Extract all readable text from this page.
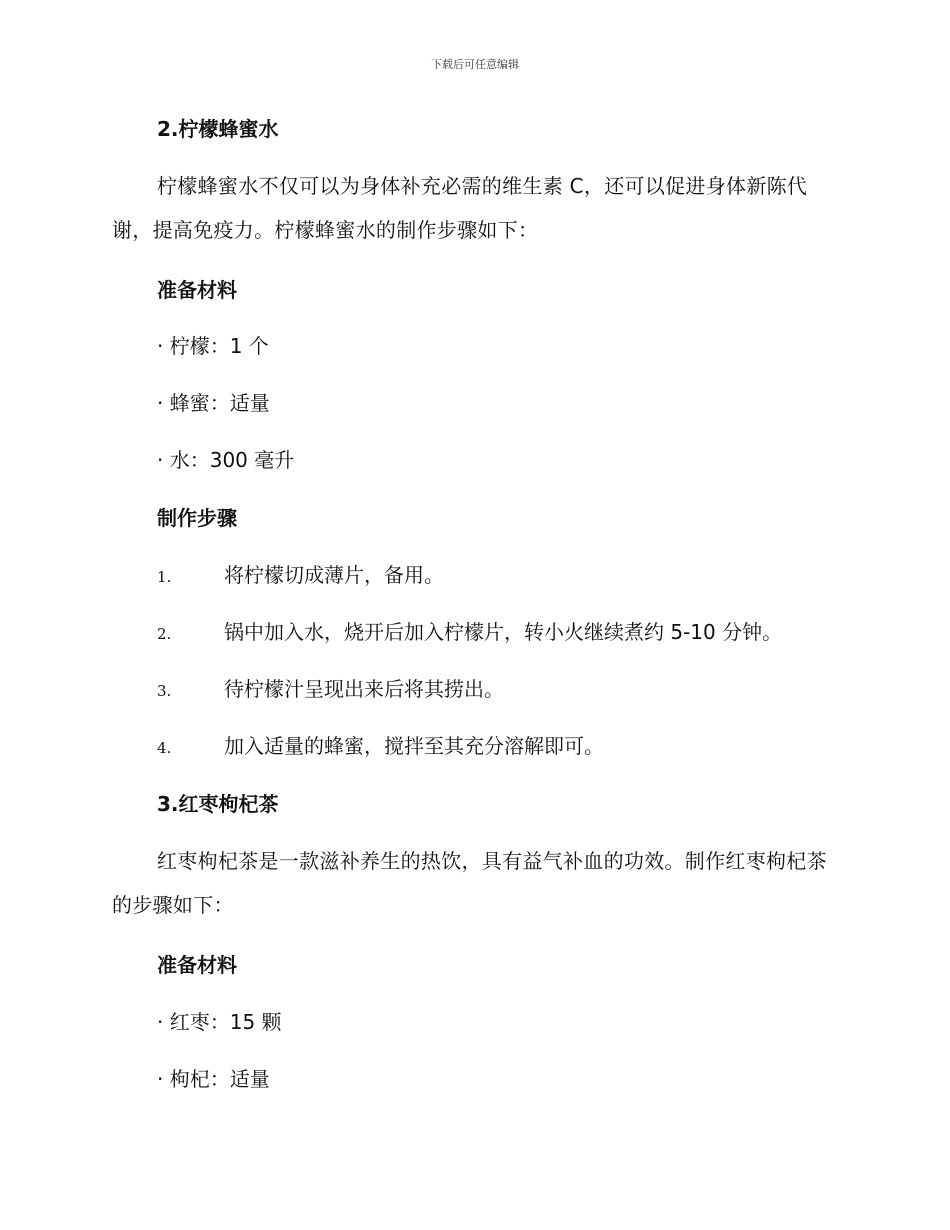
下载后可任意编辑
2.柠檬蜂蜜水
柠檬蜂蜜水不仅可以为身体补充必需的维生素 C，还可以促进身体新陈代谢，提高免疫力。柠檬蜂蜜水的制作步骤如下：
准备材料
· 柠檬：1 个
· 蜂蜜：适量
· 水：300 毫升
制作步骤
1.	将柠檬切成薄片，备用。
2.	锅中加入水，烧开后加入柠檬片，转小火继续煮约 5-10 分钟。
3.	待柠檬汁呈现出来后将其捞出。
4.	加入适量的蜂蜜，搅拌至其充分溶解即可。
3.红枣枸杞茶
红枣枸杞茶是一款滋补养生的热饮，具有益气补血的功效。制作红枣枸杞茶的步骤如下：
准备材料
· 红枣：15 颗
· 枸杞：适量
